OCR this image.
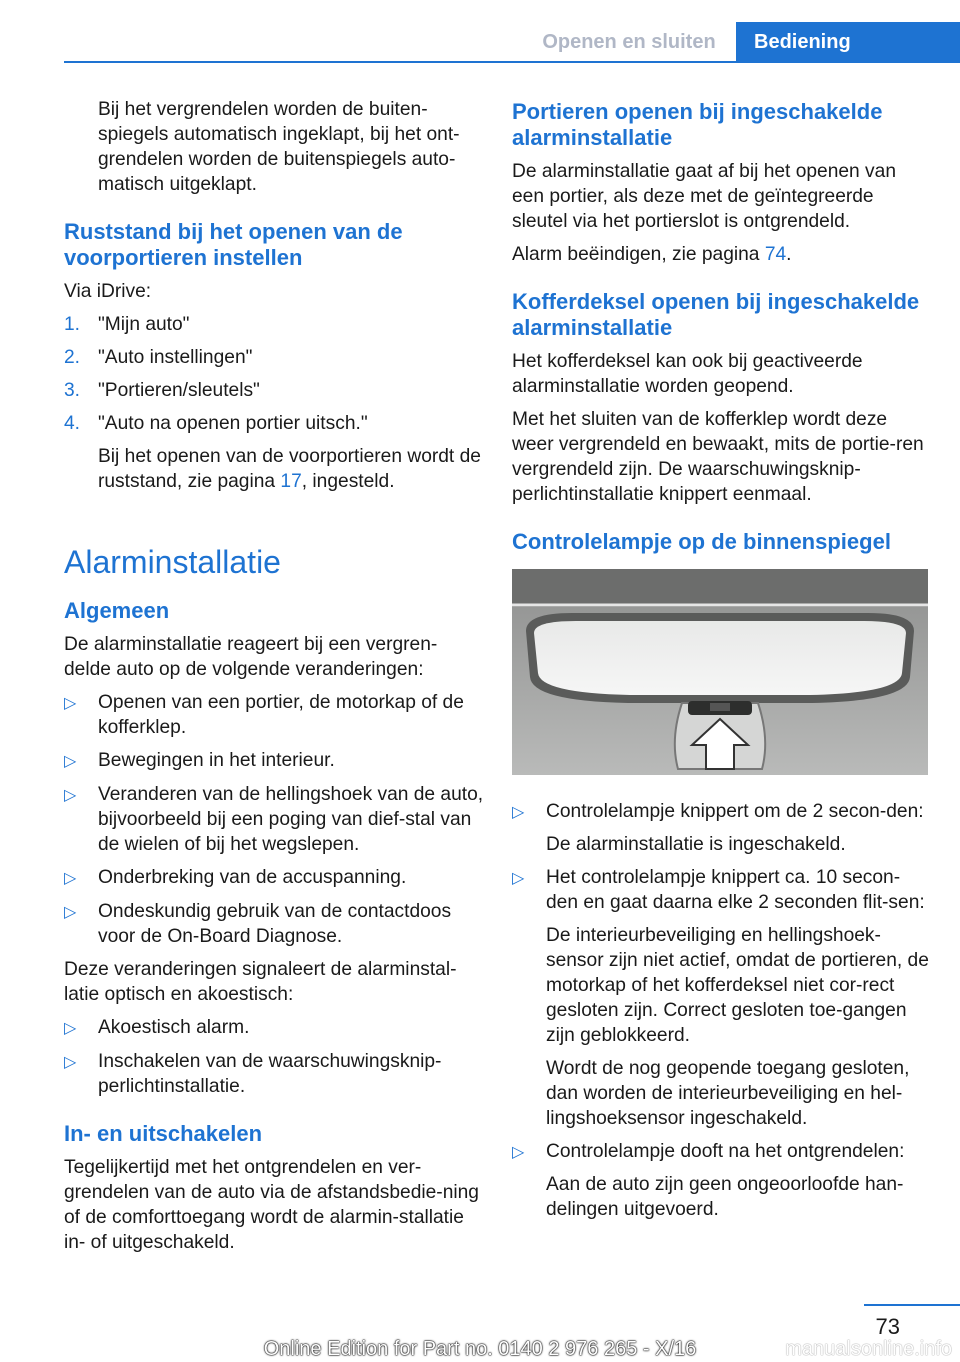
Openen en sluiten	Bediening

Bij het vergrendelen worden de buiten‐spiegels automatisch ingeklapt, bij het ont‐grendelen worden de buitenspiegels auto‐matisch uitgeklapt.

Ruststand bij het openen van de voorportieren instellen

Via iDrive:

1. "Mijn auto"
2. "Auto instellingen"
3. "Portieren/sleutels"
4. "Auto na openen portier uitsch."

Bij het openen van de voorportieren wordt de ruststand, zie pagina 17, ingesteld.

Alarminstallatie
Algemeen

De alarminstallatie reageert bij een vergren‐delde auto op de volgende veranderingen:

▷	Openen van een portier, de motorkap of de kofferklep.
▷	Bewegingen in het interieur.
▷	Veranderen van de hellingshoek van de auto, bijvoorbeeld bij een poging van dief‐stal van de wielen of bij het wegslepen.
▷	Onderbreking van de accuspanning.
▷	Ondeskundig gebruik van de contactdoos voor de On-Board Diagnose.

Deze veranderingen signaleert de alarminstal‐latie optisch en akoestisch:

▷	Akoestisch alarm.
▷	Inschakelen van de waarschuwingsknip‐perlichtinstallatie.
In- en uitschakelen

Tegelijkertijd met het ontgrendelen en ver‐grendelen van de auto via de afstandsbedie‐ning of de comforttoegang wordt de alarmin‐stallatie in- of uitgeschakeld.

Portieren openen bij ingeschakelde alarminstallatie

De alarminstallatie gaat af bij het openen van een portier, als deze met de geïntegreerde sleutel via het portierslot is ontgrendeld.

Alarm beëindigen, zie pagina 74.

Kofferdeksel openen bij ingeschakelde alarminstallatie

Het kofferdeksel kan ook bij geactiveerde alarminstallatie worden geopend.

Met het sluiten van de kofferklep wordt deze weer vergrendeld en bewaakt, mits de portie‐ren vergrendeld zijn. De waarschuwingsknip‐perlichtinstallatie knippert eenmaal.

Controlelampje op de binnenspiegel
▷	Controlelampje knippert om de 2 secon‐den:

De alarminstallatie is ingeschakeld.

▷	Het controlelampje knippert ca. 10 secon‐den en gaat daarna elke 2 seconden flit‐sen:

De interieurbeveiliging en hellingshoek‐sensor zijn niet actief, omdat de portieren, de motorkap of het kofferdeksel niet cor‐rect gesloten zijn. Correct gesloten toe‐gangen zijn geblokkeerd.

Wordt de nog geopende toegang gesloten, dan worden de interieurbeveiliging en hel‐lingshoeksensor ingeschakeld.

▷	Controlelampje dooft na het ontgrendelen:

Aan de auto zijn geen ongeoorloofde han‐delingen uitgevoerd.

73
Online Edition for Part no. 0140 2 976 265 - X/16	manualsonline.info
